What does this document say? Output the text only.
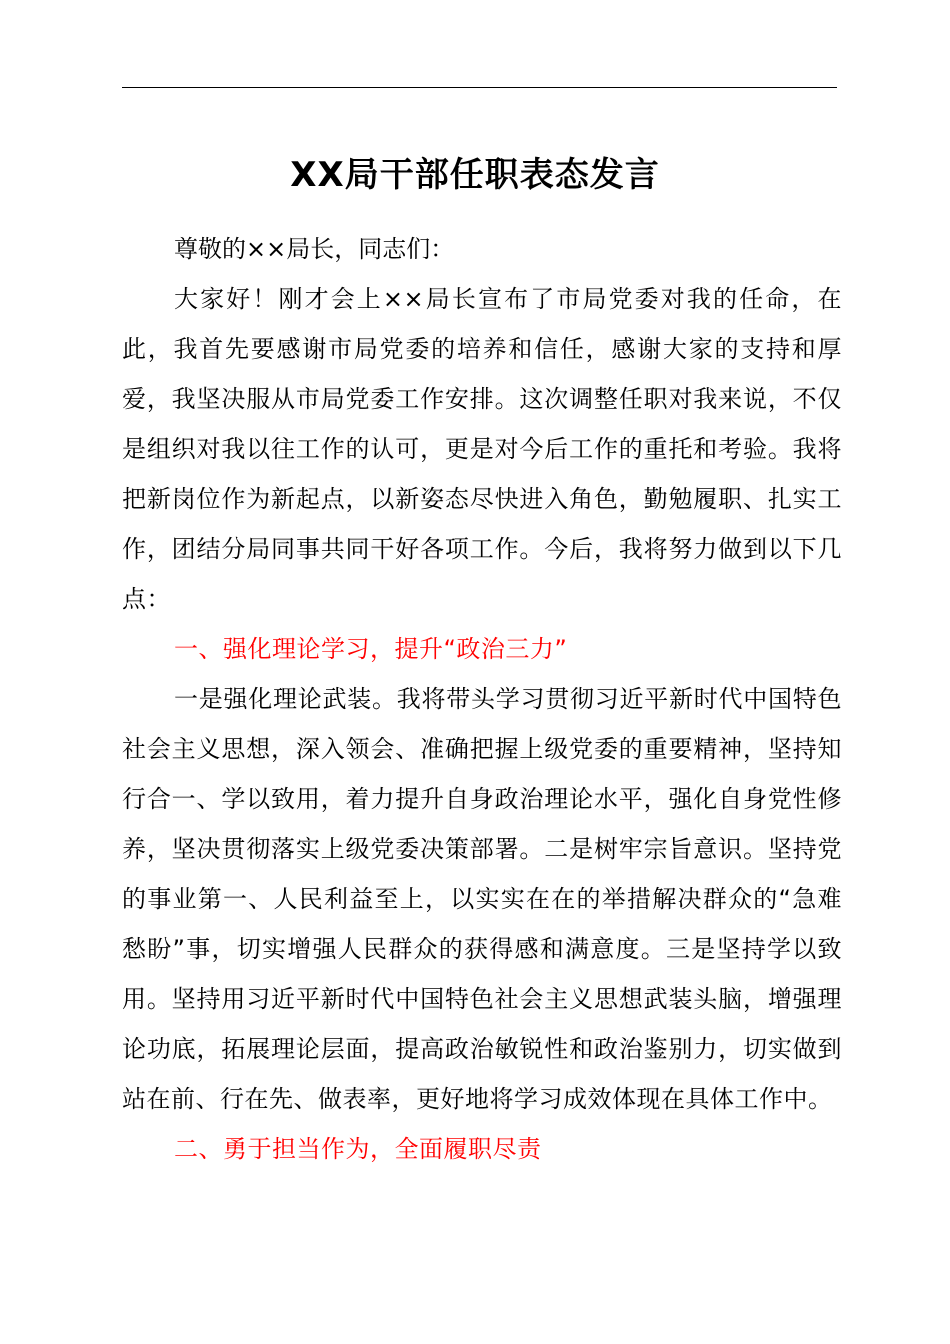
XX局干部任职表态发言

尊敬的××局长，同志们：

大家好！刚才会上××局长宣布了市局党委对我的任命，在此，我首先要感谢市局党委的培养和信任，感谢大家的支持和厚爱，我坚决服从市局党委工作安排。这次调整任职对我来说，不仅是组织对我以往工作的认可，更是对今后工作的重托和考验。我将把新岗位作为新起点，以新姿态尽快进入角色，勤勉履职、扎实工作，团结分局同事共同干好各项工作。今后，我将努力做到以下几点：

一、强化理论学习，提升“政治三力”

一是强化理论武装。我将带头学习贯彻习近平新时代中国特色社会主义思想，深入领会、准确把握上级党委的重要精神，坚持知行合一、学以致用，着力提升自身政治理论水平，强化自身党性修养，坚决贯彻落实上级党委决策部署。二是树牢宗旨意识。坚持党的事业第一、人民利益至上，以实实在在的举措解决群众的“急难愁盼”事，切实增强人民群众的获得感和满意度。三是坚持学以致用。坚持用习近平新时代中国特色社会主义思想武装头脑，增强理论功底，拓展理论层面，提高政治敏锐性和政治鉴别力，切实做到站在前、行在先、做表率，更好地将学习成效体现在具体工作中。

二、勇于担当作为，全面履职尽责
